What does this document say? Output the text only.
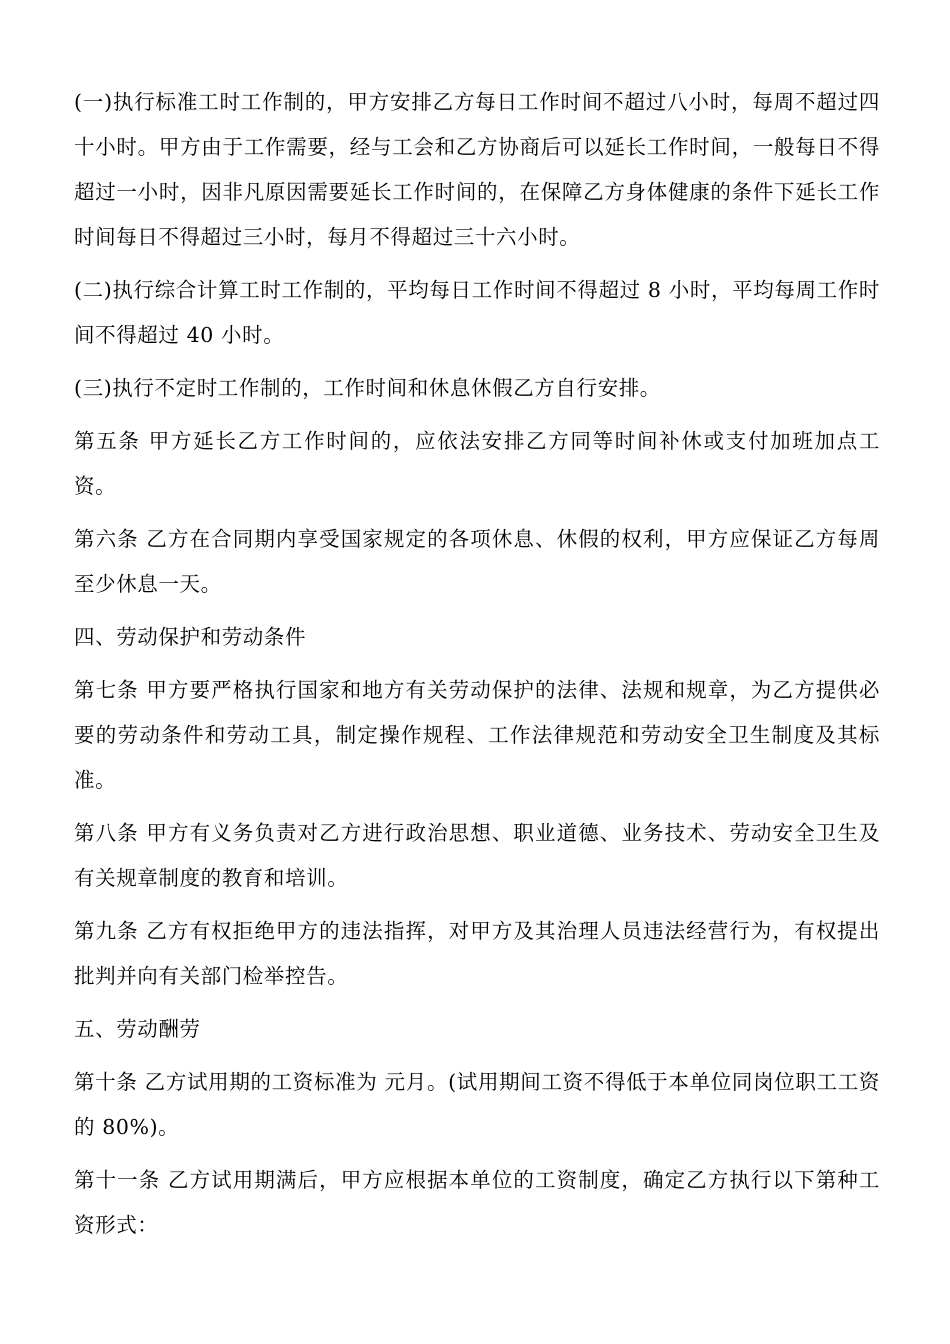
(一)执行标准工时工作制的，甲方安排乙方每日工作时间不超过八小时，每周不超过四十小时。甲方由于工作需要，经与工会和乙方协商后可以延长工作时间，一般每日不得超过一小时，因非凡原因需要延长工作时间的，在保障乙方身体健康的条件下延长工作时间每日不得超过三小时，每月不得超过三十六小时。

(二)执行综合计算工时工作制的，平均每日工作时间不得超过 8 小时，平均每周工作时间不得超过 40 小时。

(三)执行不定时工作制的，工作时间和休息休假乙方自行安排。

第五条 甲方延长乙方工作时间的，应依法安排乙方同等时间补休或支付加班加点工资。

第六条 乙方在合同期内享受国家规定的各项休息、休假的权利，甲方应保证乙方每周至少休息一天。

四、劳动保护和劳动条件

第七条 甲方要严格执行国家和地方有关劳动保护的法律、法规和规章，为乙方提供必要的劳动条件和劳动工具，制定操作规程、工作法律规范和劳动安全卫生制度及其标准。

第八条 甲方有义务负责对乙方进行政治思想、职业道德、业务技术、劳动安全卫生及有关规章制度的教育和培训。

第九条 乙方有权拒绝甲方的违法指挥，对甲方及其治理人员违法经营行为，有权提出批判并向有关部门检举控告。

五、劳动酬劳

第十条 乙方试用期的工资标准为 元月。(试用期间工资不得低于本单位同岗位职工工资的 80%)。

第十一条 乙方试用期满后，甲方应根据本单位的工资制度，确定乙方执行以下第种工资形式：
